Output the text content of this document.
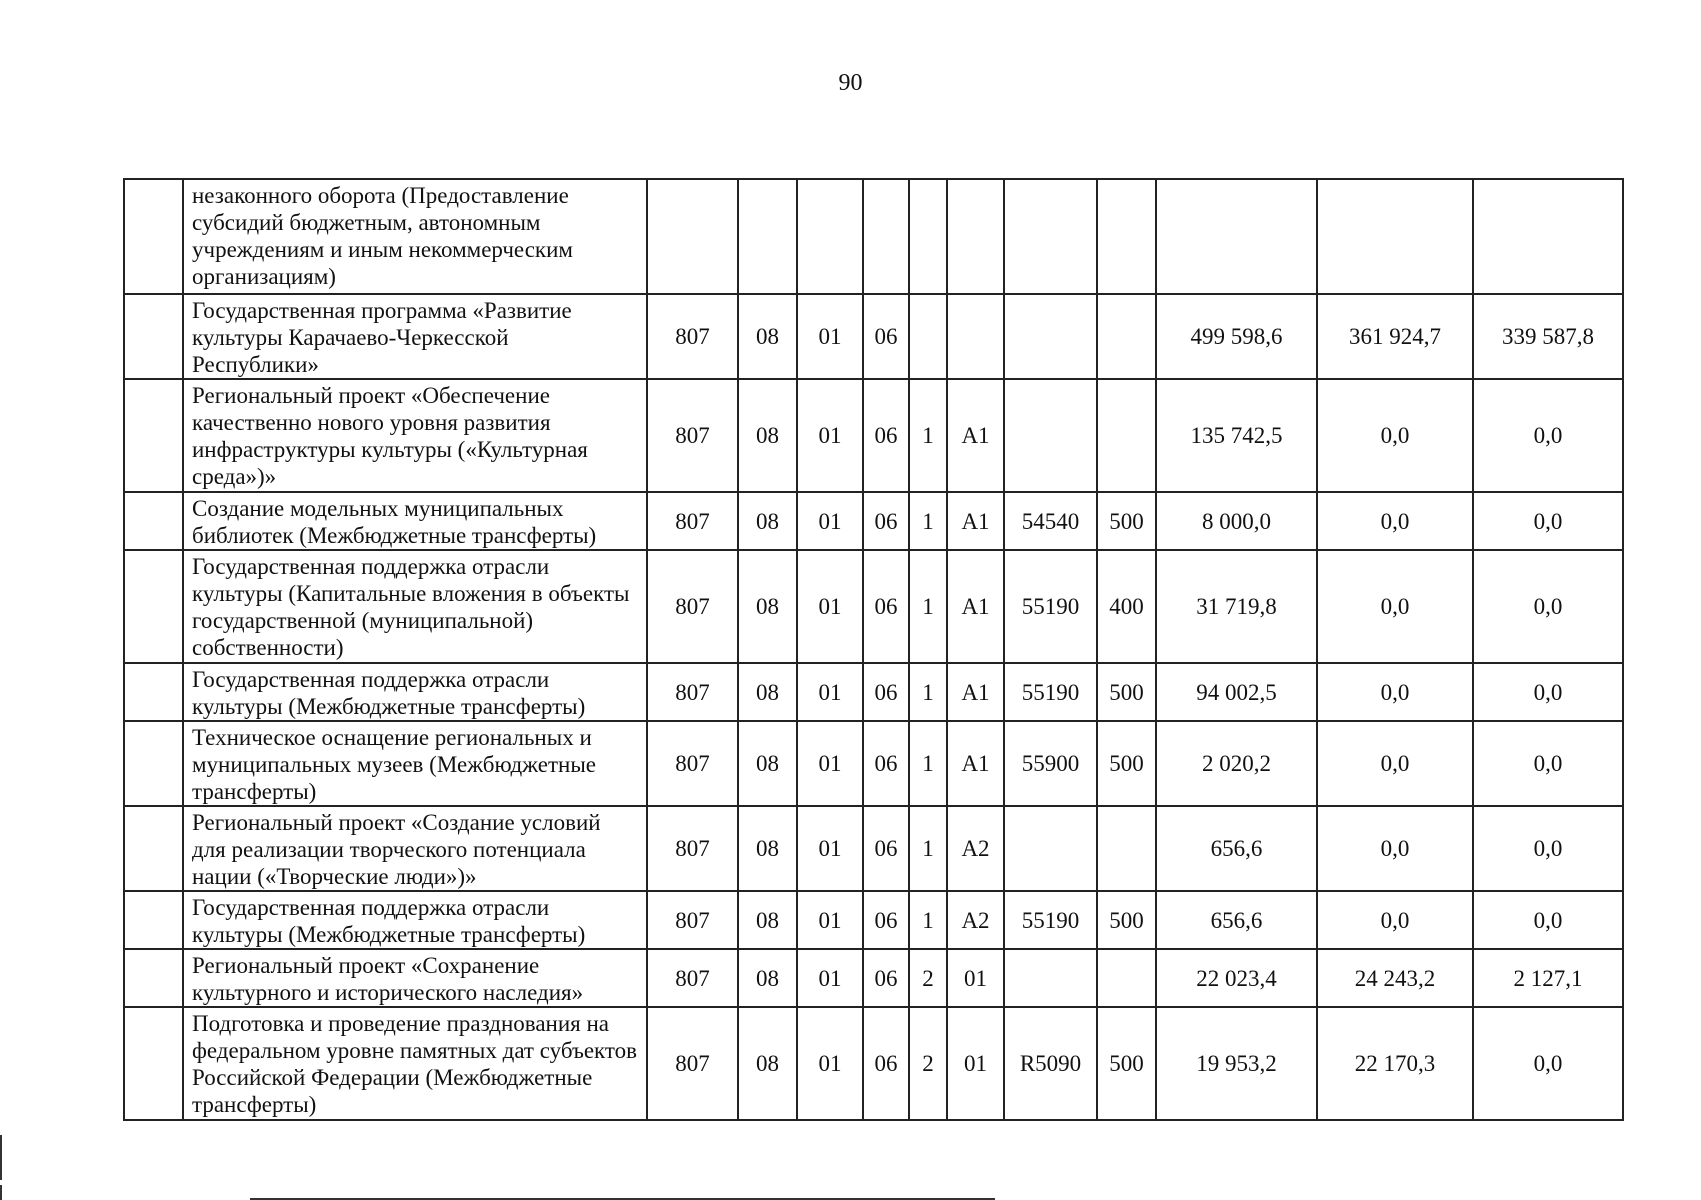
90
	незаконного оборота (Предоставление субсидий бюджетным, автономным учреждениям и иным некоммерческим организациям)											
	Государственная программа «Развитие культуры Карачаево-Черкесской Республики»	807	08	01	06					499 598,6	361 924,7	339 587,8
	Региональный проект «Обеспечение качественно нового уровня развития инфраструктуры культуры («Культурная среда»)»	807	08	01	06	1	A1			135 742,5	0,0	0,0
	Создание модельных муниципальных библиотек (Межбюджетные трансферты)	807	08	01	06	1	A1	54540	500	8 000,0	0,0	0,0
	Государственная поддержка отрасли культуры (Капитальные вложения в объекты государственной (муниципальной) собственности)	807	08	01	06	1	A1	55190	400	31 719,8	0,0	0,0
	Государственная поддержка отрасли культуры (Межбюджетные трансферты)	807	08	01	06	1	A1	55190	500	94 002,5	0,0	0,0
	Техническое оснащение региональных и муниципальных музеев (Межбюджетные трансферты)	807	08	01	06	1	A1	55900	500	2 020,2	0,0	0,0
	Региональный проект «Создание условий для реализации творческого потенциала нации («Творческие люди»)»	807	08	01	06	1	A2			656,6	0,0	0,0
	Государственная поддержка отрасли культуры (Межбюджетные трансферты)	807	08	01	06	1	A2	55190	500	656,6	0,0	0,0
	Региональный проект «Сохранение культурного и исторического наследия»	807	08	01	06	2	01			22 023,4	24 243,2	2 127,1
	Подготовка и проведение празднования на федеральном уровне памятных дат субъектов Российской Федерации (Межбюджетные трансферты)	807	08	01	06	2	01	R5090	500	19 953,2	22 170,3	0,0
